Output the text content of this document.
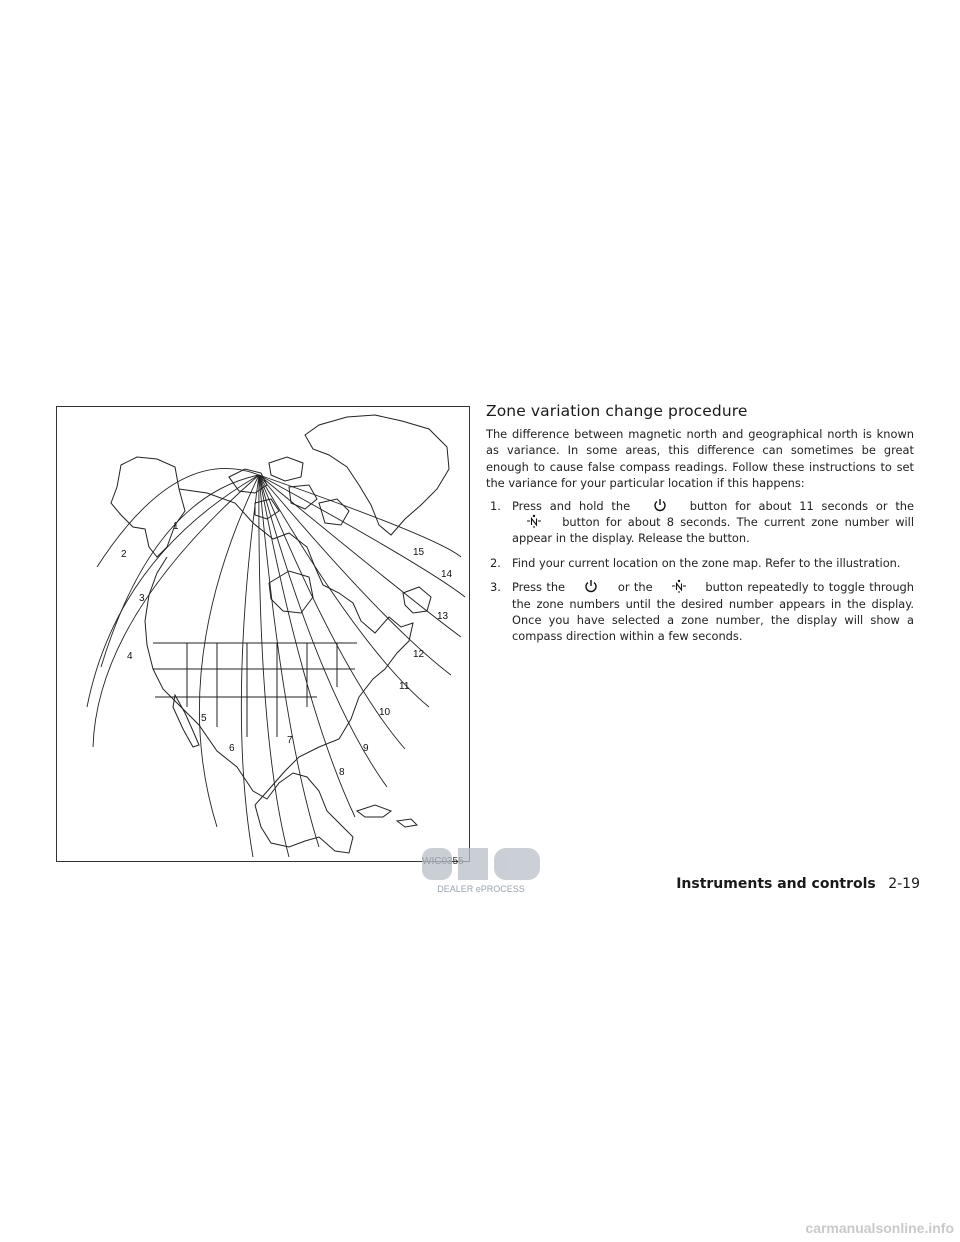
1
2
3
4
5
6
7
8
9
10
11
12
13
14
15
DEALER ePROCESS
Zone variation change procedure

The difference between magnetic north and geographical north is known as variance. In some areas, this difference can sometimes be great enough to cause false compass readings. Follow these instructions to set the variance for your particular location if this happens:

1. Press and hold the	button for about 11 seconds or the  button for about 8 seconds. The current zone number will appear in the display. Release the button.
2. Find your current location on the zone map. Refer to the illustration.
3. Press the	or the	button repeatedly to toggle through the zone numbers until the desired number appears in the display. Once you have selected a zone number, the display will show a compass direction within a few seconds.
Instruments and controls 2-19
carmanualsonline.info
